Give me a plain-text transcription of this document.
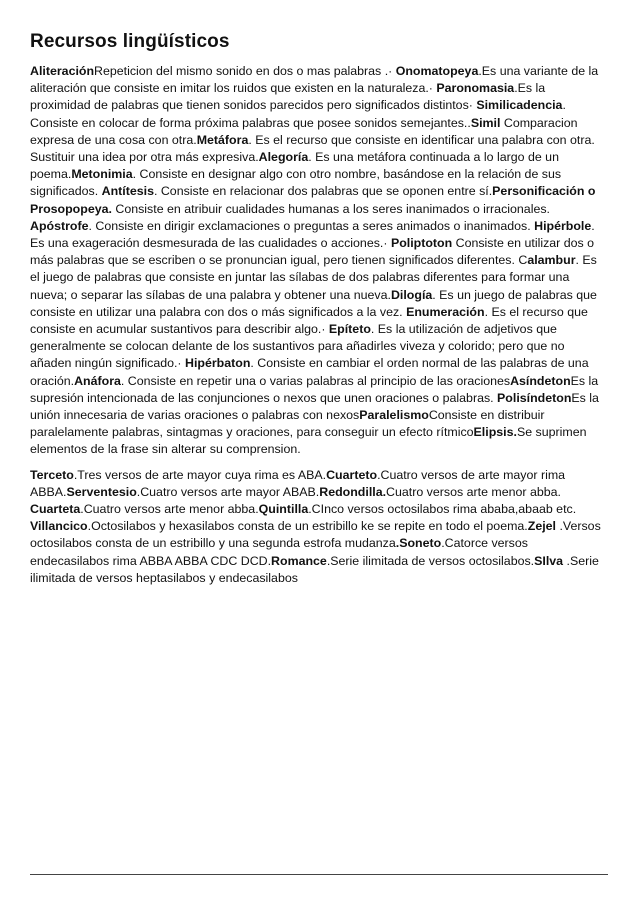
Recursos lingüísticos

AliteraciónRepeticion del mismo sonido en dos o mas palabras .· Onomatopeya.Es una variante de la aliteración que consiste en imitar los ruidos que existen en la naturaleza.· Paronomasia.Es la proximidad de palabras que tienen sonidos parecidos pero significados distintos· Similicadencia. Consiste en colocar de forma próxima palabras que posee sonidos semejantes..Simil Comparacion expresa de una cosa con otra.Metáfora. Es el recurso que consiste en identificar una palabra con otra. Sustituir una idea por otra más expresiva.Alegoría. Es una metáfora continuada a lo largo de un poema.Metonimia. Consiste en designar algo con otro nombre, basándose en la relación de sus significados. Antítesis. Consiste en relacionar dos palabras que se oponen entre sí.Personificación o Prosopopeya. Consiste en atribuir cualidades humanas a los seres inanimados o irracionales. Apóstrofe. Consiste en dirigir exclamaciones o preguntas a seres animados o inanimados. Hipérbole. Es una exageración desmesurada de las cualidades o acciones.· Poliptoton Consiste en utilizar dos o más palabras que se escriben o se pronuncian igual, pero tienen significados diferentes. Calambur. Es el juego de palabras que consiste en juntar las sílabas de dos palabras diferentes para formar una nueva; o separar las sílabas de una palabra y obtener una nueva.Dilogía. Es un juego de palabras que consiste en utilizar una palabra con dos o más significados a la vez. Enumeración. Es el recurso que consiste en acumular sustantivos para describir algo.· Epíteto. Es la utilización de adjetivos que generalmente se colocan delante de los sustantivos para añadirles viveza y colorido; pero que no añaden ningún significado.· Hipérbaton. Consiste en cambiar el orden normal de las palabras de una oración.Anáfora. Consiste en repetir una o varias palabras al principio de las oracionesAsíndetonEs la supresión intencionada de las conjunciones o nexos que unen oraciones o palabras. PolisíndetonEs la unión innecesaria de varias oraciones o palabras con nexosParalelismoConsiste en distribuir paralelamente palabras, sintagmas y oraciones, para conseguir un efecto rítmicoElipsis.Se suprimen elementos de la frase sin alterar su comprension.

Terceto.Tres versos de arte mayor cuya rima es ABA.Cuarteto.Cuatro versos de arte mayor rima ABBA.Serventesio.Cuatro versos arte mayor ABAB.Redondilla.Cuatro versos arte menor abba. Cuarteta.Cuatro versos arte menor abba.Quintilla.CInco versos octosilabos rima ababa,abaab etc. Villancico.Octosilabos y hexasilabos consta de un estribillo ke se repite en todo el poema.Zejel .Versos octosilabos consta de un estribillo y una segunda estrofa mudanza.Soneto.Catorce versos endecasilabos rima ABBA ABBA CDC DCD.Romance.Serie ilimitada de versos octosilabos.SIlva .Serie ilimitada de versos heptasilabos y endecasilabos
